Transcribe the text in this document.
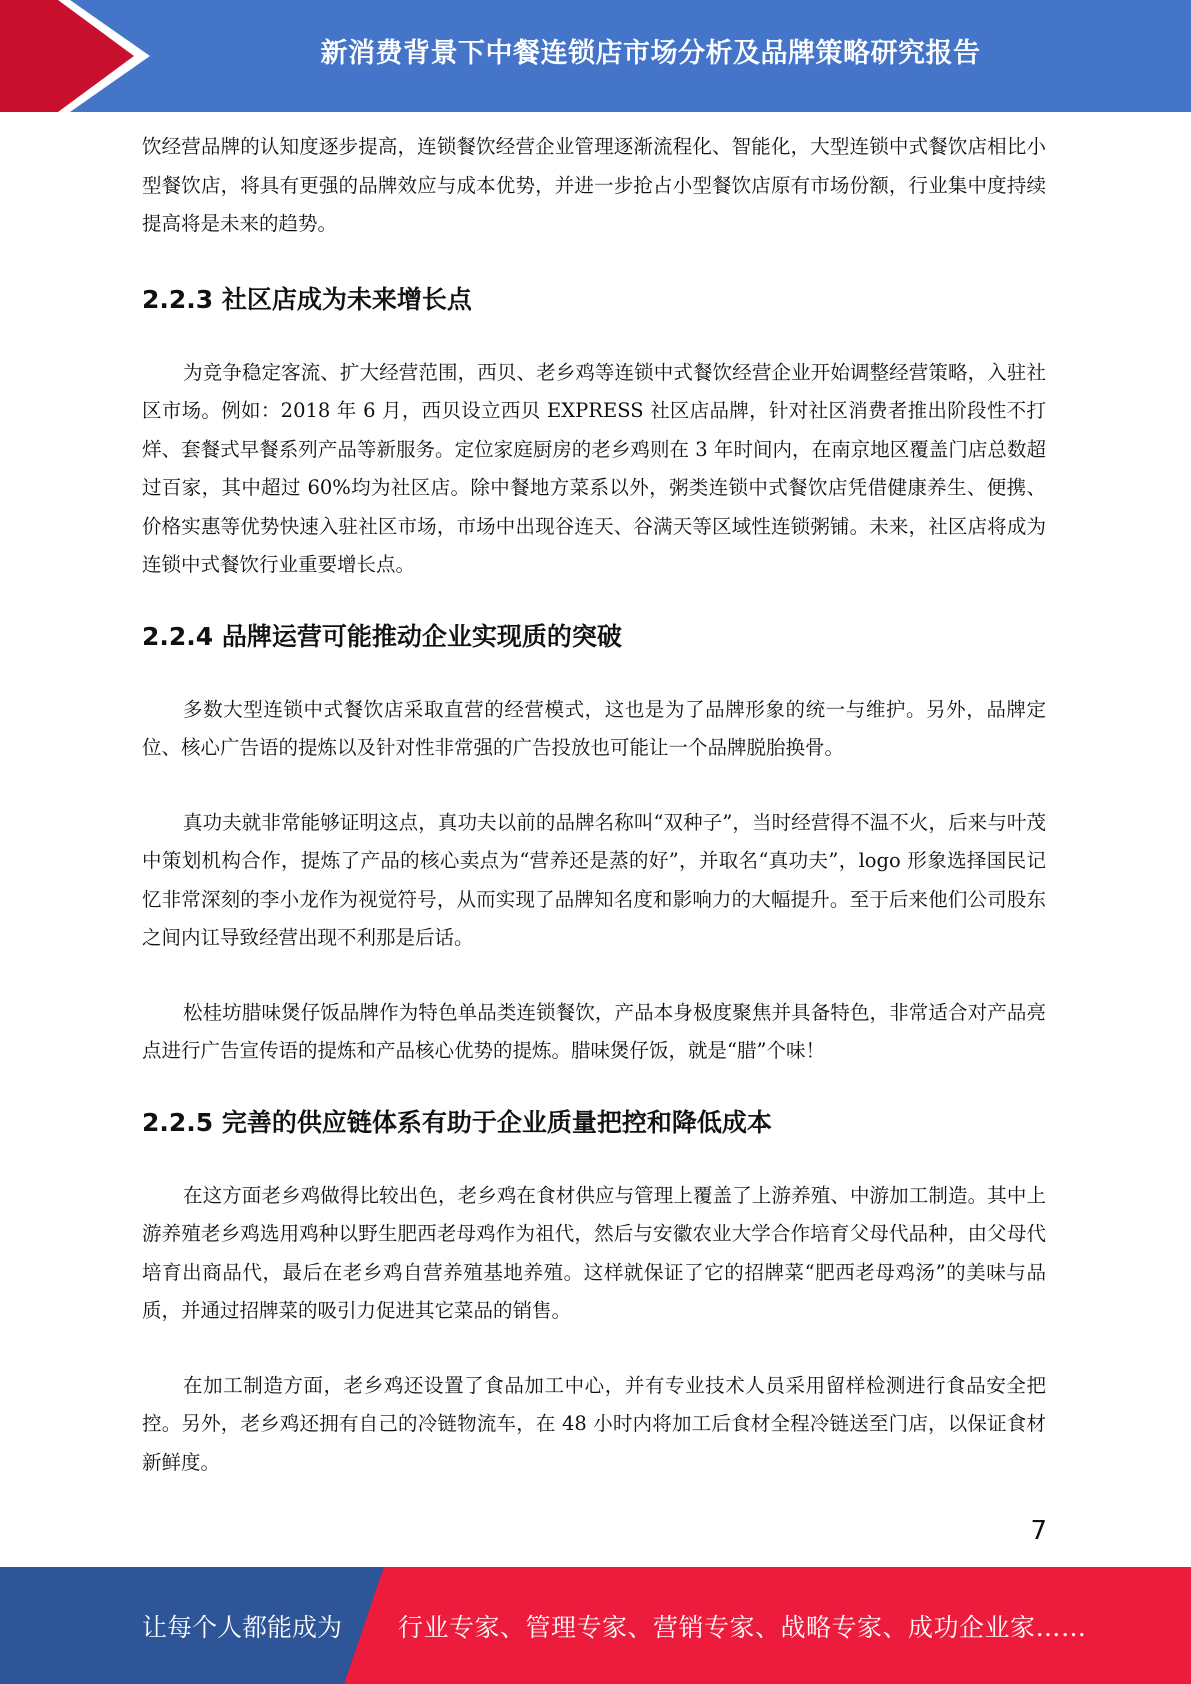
新消费背景下中餐连锁店市场分析及品牌策略研究报告

饮经营品牌的认知度逐步提高，连锁餐饮经营企业管理逐渐流程化、智能化，大型连锁中式餐饮店相比小型餐饮店，将具有更强的品牌效应与成本优势，并进一步抢占小型餐饮店原有市场份额，行业集中度持续提高将是未来的趋势。

2.2.3 社区店成为未来增长点

为竞争稳定客流、扩大经营范围，西贝、老乡鸡等连锁中式餐饮经营企业开始调整经营策略，入驻社区市场。例如：2018 年 6 月，西贝设立西贝 EXPRESS 社区店品牌，针对社区消费者推出阶段性不打烊、套餐式早餐系列产品等新服务。定位家庭厨房的老乡鸡则在 3 年时间内，在南京地区覆盖门店总数超过百家，其中超过 60%均为社区店。除中餐地方菜系以外，粥类连锁中式餐饮店凭借健康养生、便携、价格实惠等优势快速入驻社区市场，市场中出现谷连天、谷满天等区域性连锁粥铺。未来，社区店将成为连锁中式餐饮行业重要增长点。

2.2.4 品牌运营可能推动企业实现质的突破

多数大型连锁中式餐饮店采取直营的经营模式，这也是为了品牌形象的统一与维护。另外，品牌定位、核心广告语的提炼以及针对性非常强的广告投放也可能让一个品牌脱胎换骨。

真功夫就非常能够证明这点，真功夫以前的品牌名称叫“双种子”，当时经营得不温不火，后来与叶茂中策划机构合作，提炼了产品的核心卖点为“营养还是蒸的好”，并取名“真功夫”，logo 形象选择国民记忆非常深刻的李小龙作为视觉符号，从而实现了品牌知名度和影响力的大幅提升。至于后来他们公司股东之间内讧导致经营出现不利那是后话。

松桂坊腊味煲仔饭品牌作为特色单品类连锁餐饮，产品本身极度聚焦并具备特色，非常适合对产品亮点进行广告宣传语的提炼和产品核心优势的提炼。腊味煲仔饭，就是“腊”个味！

2.2.5 完善的供应链体系有助于企业质量把控和降低成本

在这方面老乡鸡做得比较出色，老乡鸡在食材供应与管理上覆盖了上游养殖、中游加工制造。其中上游养殖老乡鸡选用鸡种以野生肥西老母鸡作为祖代，然后与安徽农业大学合作培育父母代品种，由父母代培育出商品代，最后在老乡鸡自营养殖基地养殖。这样就保证了它的招牌菜“肥西老母鸡汤”的美味与品质，并通过招牌菜的吸引力促进其它菜品的销售。

在加工制造方面，老乡鸡还设置了食品加工中心，并有专业技术人员采用留样检测进行食品安全把控。另外，老乡鸡还拥有自己的冷链物流车，在 48 小时内将加工后食材全程冷链送至门店，以保证食材新鲜度。

7
让每个人都能成为 行业专家、管理专家、营销专家、战略专家、成功企业家……
